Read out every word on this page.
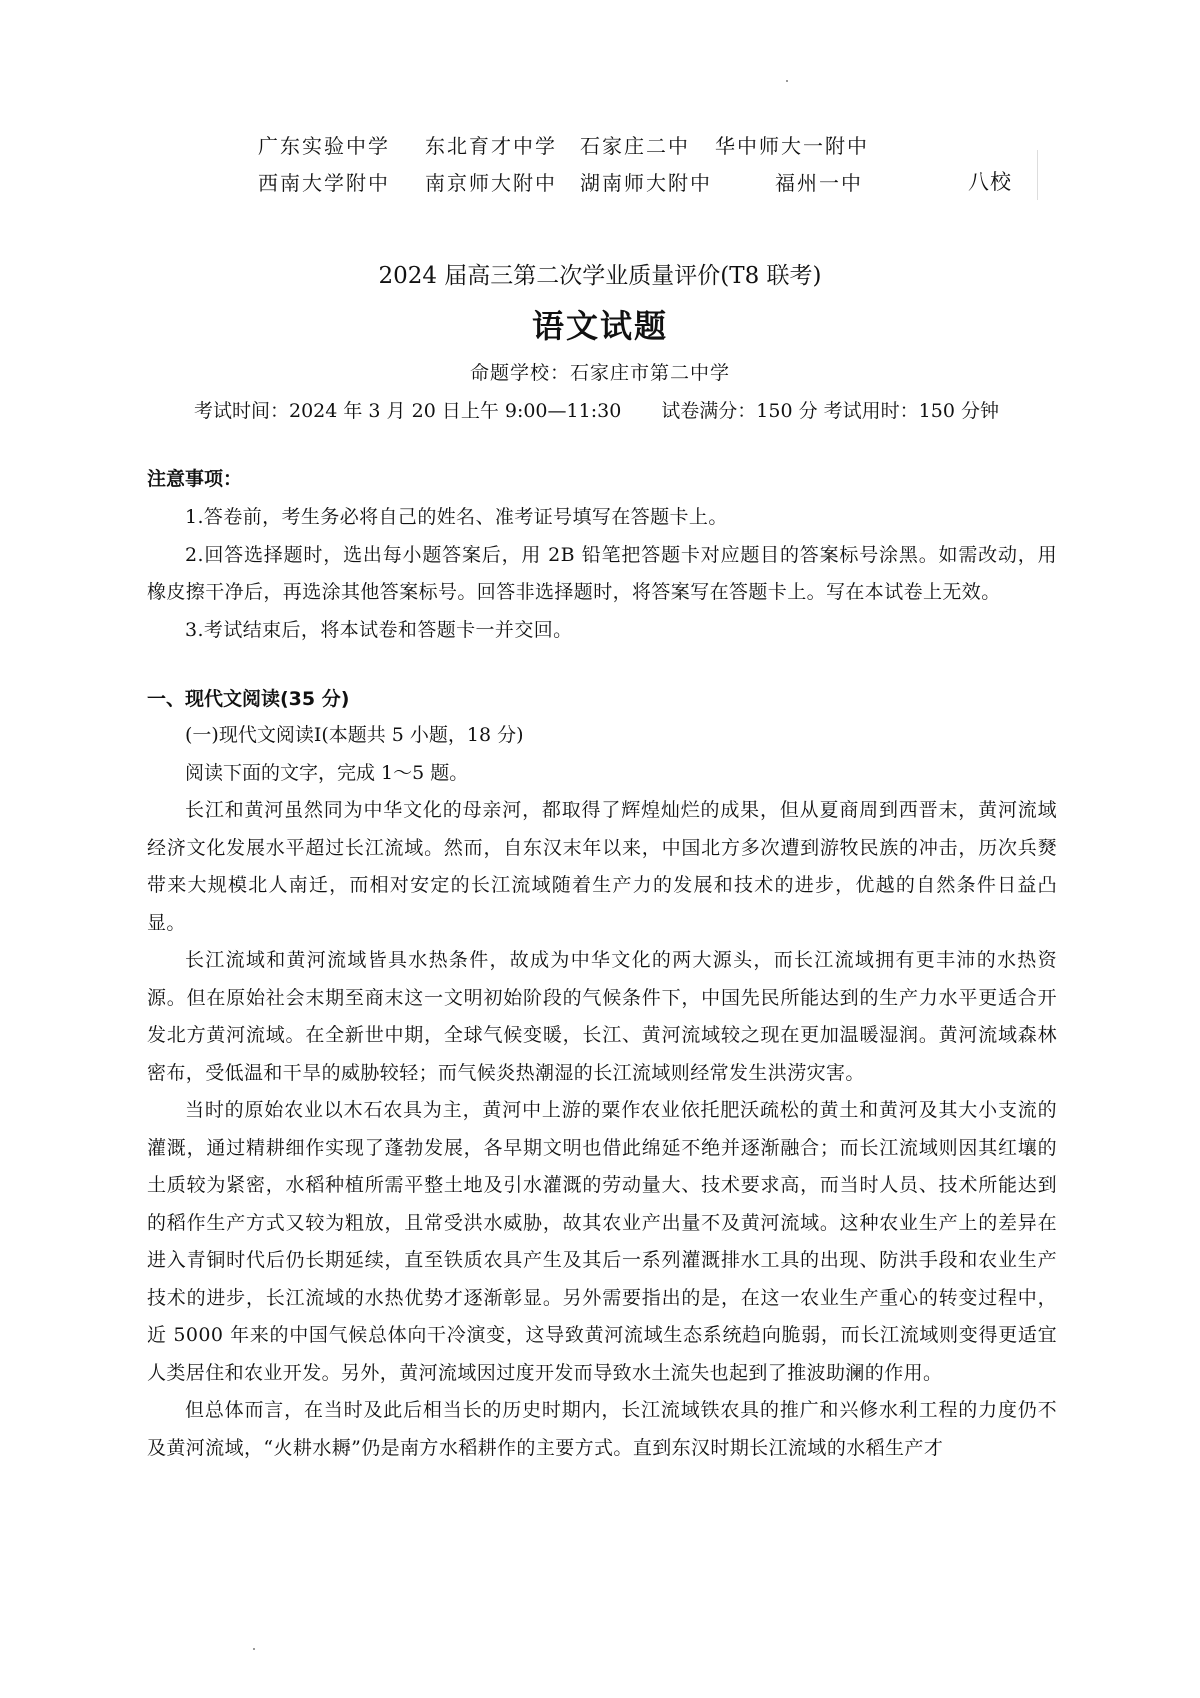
广东实验中学 东北育才中学 石家庄二中 华中师大一附中
西南大学附中 南京师大附中 湖南师大附中	福州一中	八校
2024 届高三第二次学业质量评价(T8 联考)
语文试题
命题学校：石家庄市第二中学
考试时间：2024 年 3 月 20 日上午 9:00—11:30 试卷满分：150 分 考试用时：150 分钟
注意事项：

1.答卷前，考生务必将自己的姓名、准考证号填写在答题卡上。

2.回答选择题时，选出每小题答案后，用 2B 铅笔把答题卡对应题目的答案标号涂黑。如需改动，用橡皮擦干净后，再选涂其他答案标号。回答非选择题时，将答案写在答题卡上。写在本试卷上无效。

3.考试结束后，将本试卷和答题卡一并交回。

一、现代文阅读(35 分)

(一)现代文阅读Ⅰ(本题共 5 小题，18 分)

阅读下面的文字，完成 1～5 题。

长江和黄河虽然同为中华文化的母亲河，都取得了辉煌灿烂的成果，但从夏商周到西晋末，黄河流域经济文化发展水平超过长江流域。然而，自东汉末年以来，中国北方多次遭到游牧民族的冲击，历次兵燹带来大规模北人南迁，而相对安定的长江流域随着生产力的发展和技术的进步，优越的自然条件日益凸显。

长江流域和黄河流域皆具水热条件，故成为中华文化的两大源头，而长江流域拥有更丰沛的水热资源。但在原始社会末期至商末这一文明初始阶段的气候条件下，中国先民所能达到的生产力水平更适合开发北方黄河流域。在全新世中期，全球气候变暖，长江、黄河流域较之现在更加温暖湿润。黄河流域森林密布，受低温和干旱的威胁较轻；而气候炎热潮湿的长江流域则经常发生洪涝灾害。

当时的原始农业以木石农具为主，黄河中上游的粟作农业依托肥沃疏松的黄土和黄河及其大小支流的灌溉，通过精耕细作实现了蓬勃发展，各早期文明也借此绵延不绝并逐渐融合；而长江流域则因其红壤的土质较为紧密，水稻种植所需平整土地及引水灌溉的劳动量大、技术要求高，而当时人员、技术所能达到的稻作生产方式又较为粗放，且常受洪水威胁，故其农业产出量不及黄河流域。这种农业生产上的差异在进入青铜时代后仍长期延续，直至铁质农具产生及其后一系列灌溉排水工具的出现、防洪手段和农业生产技术的进步，长江流域的水热优势才逐渐彰显。另外需要指出的是，在这一农业生产重心的转变过程中，近 5000 年来的中国气候总体向干冷演变，这导致黄河流域生态系统趋向脆弱，而长江流域则变得更适宜人类居住和农业开发。另外，黄河流域因过度开发而导致水土流失也起到了推波助澜的作用。

但总体而言，在当时及此后相当长的历史时期内，长江流域铁农具的推广和兴修水利工程的力度仍不及黄河流域，“火耕水耨”仍是南方水稻耕作的主要方式。直到东汉时期长江流域的水稻生产才
